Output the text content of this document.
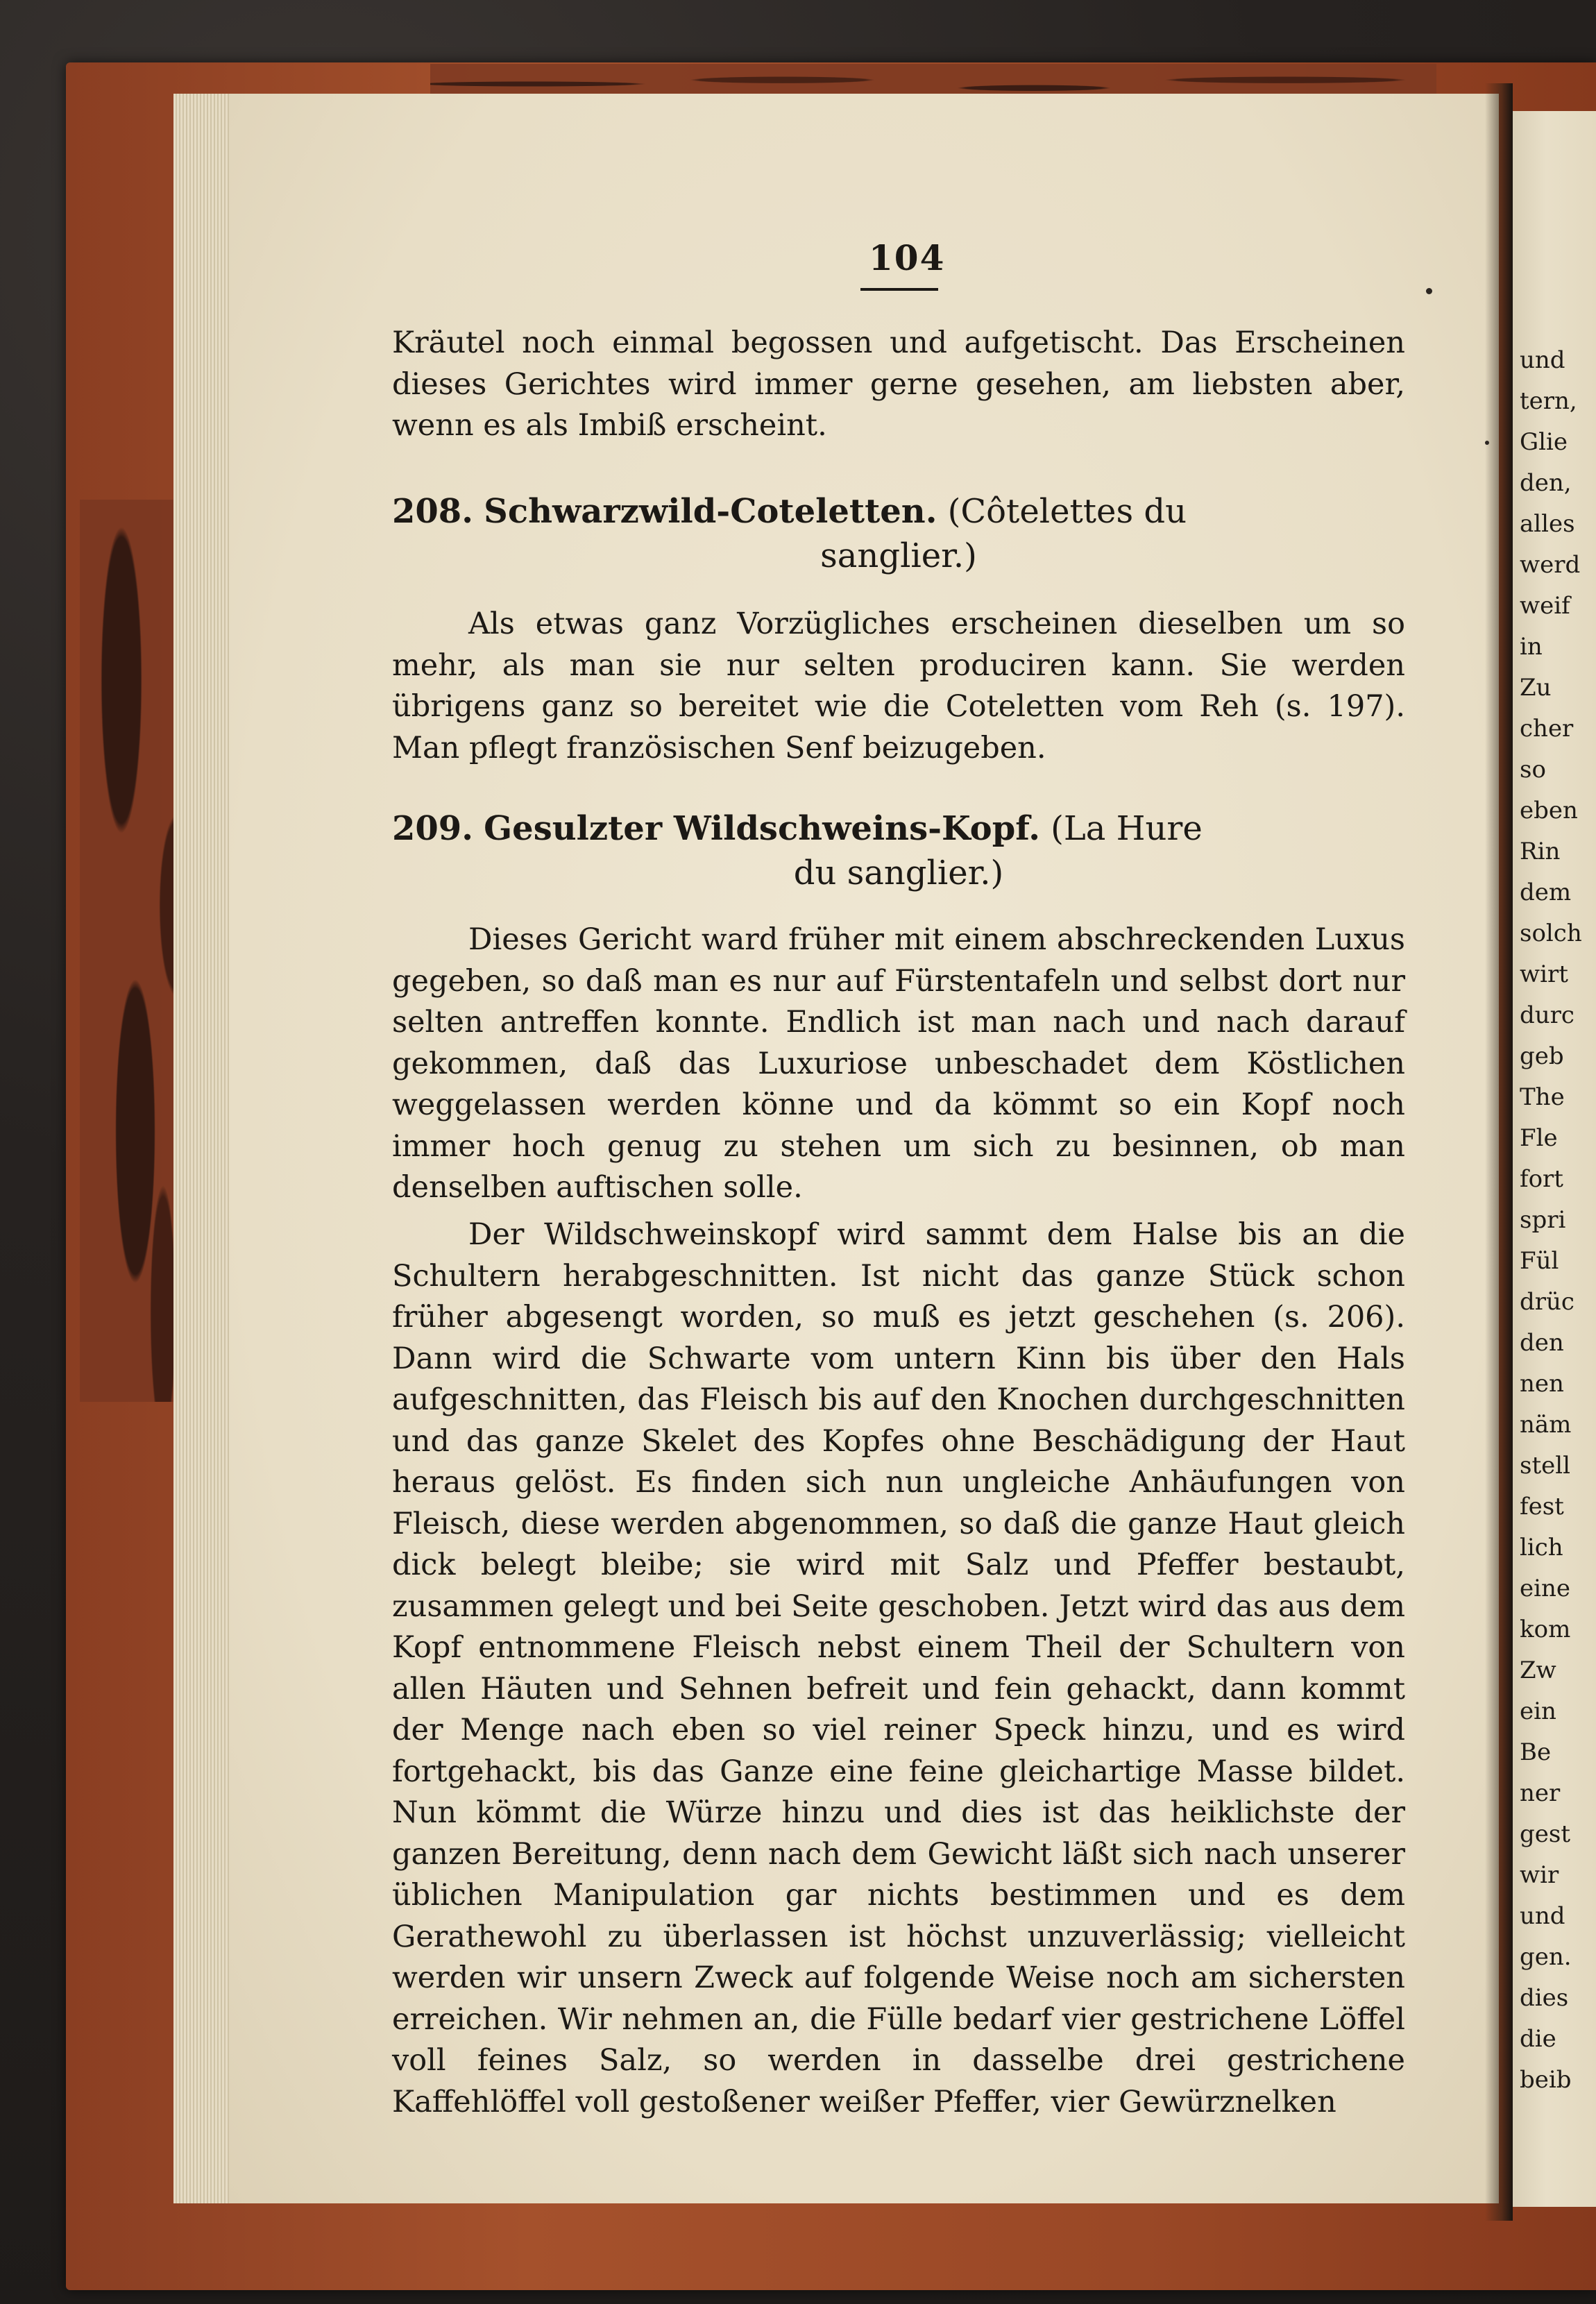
104

Kräutel noch einmal begossen und aufgetischt. Das Erscheinen dieses Gerichtes wird immer gerne gesehen, am liebsten aber, wenn es als Imbiß erscheint.

208. Schwarzwild-Coteletten. (Côtelettes du
sanglier.)

Als etwas ganz Vorzügliches erscheinen dieselben um so mehr, als man sie nur selten produciren kann. Sie werden übrigens ganz so bereitet wie die Coteletten vom Reh (s. 197). Man pflegt französischen Senf beizugeben.

209. Gesulzter Wildschweins-Kopf. (La Hure
du sanglier.)

Dieses Gericht ward früher mit einem abschreckenden Luxus gegeben, so daß man es nur auf Fürstentafeln und selbst dort nur selten antreffen konnte. Endlich ist man nach und nach darauf gekommen, daß das Luxuriose unbeschadet dem Köstlichen weggelassen werden könne und da kömmt so ein Kopf noch immer hoch genug zu stehen um sich zu besinnen, ob man denselben auftischen solle.

Der Wildschweinskopf wird sammt dem Halse bis an die Schultern herabgeschnitten. Ist nicht das ganze Stück schon früher abgesengt worden, so muß es jetzt geschehen (s. 206). Dann wird die Schwarte vom untern Kinn bis über den Hals aufgeschnitten, das Fleisch bis auf den Knochen durchgeschnitten und das ganze Skelet des Kopfes ohne Beschädigung der Haut heraus gelöst. Es finden sich nun ungleiche Anhäufungen von Fleisch, diese werden abgenommen, so daß die ganze Haut gleich dick belegt bleibe; sie wird mit Salz und Pfeffer bestaubt, zusammen gelegt und bei Seite geschoben. Jetzt wird das aus dem Kopf entnommene Fleisch nebst einem Theil der Schultern von allen Häuten und Sehnen befreit und fein gehackt, dann kommt der Menge nach eben so viel reiner Speck hinzu, und es wird fortgehackt, bis das Ganze eine feine gleichartige Masse bildet. Nun kömmt die Würze hinzu und dies ist das heiklichste der ganzen Bereitung, denn nach dem Gewicht läßt sich nach unserer üblichen Manipulation gar nichts bestimmen und es dem Gerathewohl zu überlassen ist höchst unzuverlässig; vielleicht werden wir unsern Zweck auf folgende Weise noch am sichersten erreichen. Wir nehmen an, die Fülle bedarf vier gestrichene Löffel voll feines Salz, so werden in dasselbe drei gestrichene Kaffehlöffel voll gestoßener weißer Pfeffer, vier Gewürznelken

und
tern,
Glie
den,
alles
werd
weif
in
Zu
cher
so
eben
Rin
dem
solch
wirt
durc
geb
The
Fle
fort
spri
Fül
drüc
den
nen
näm
stell
fest
lich
eine
kom
Zw
ein
Be
ner
gest
wir
und
gen.
dies
die
beib
